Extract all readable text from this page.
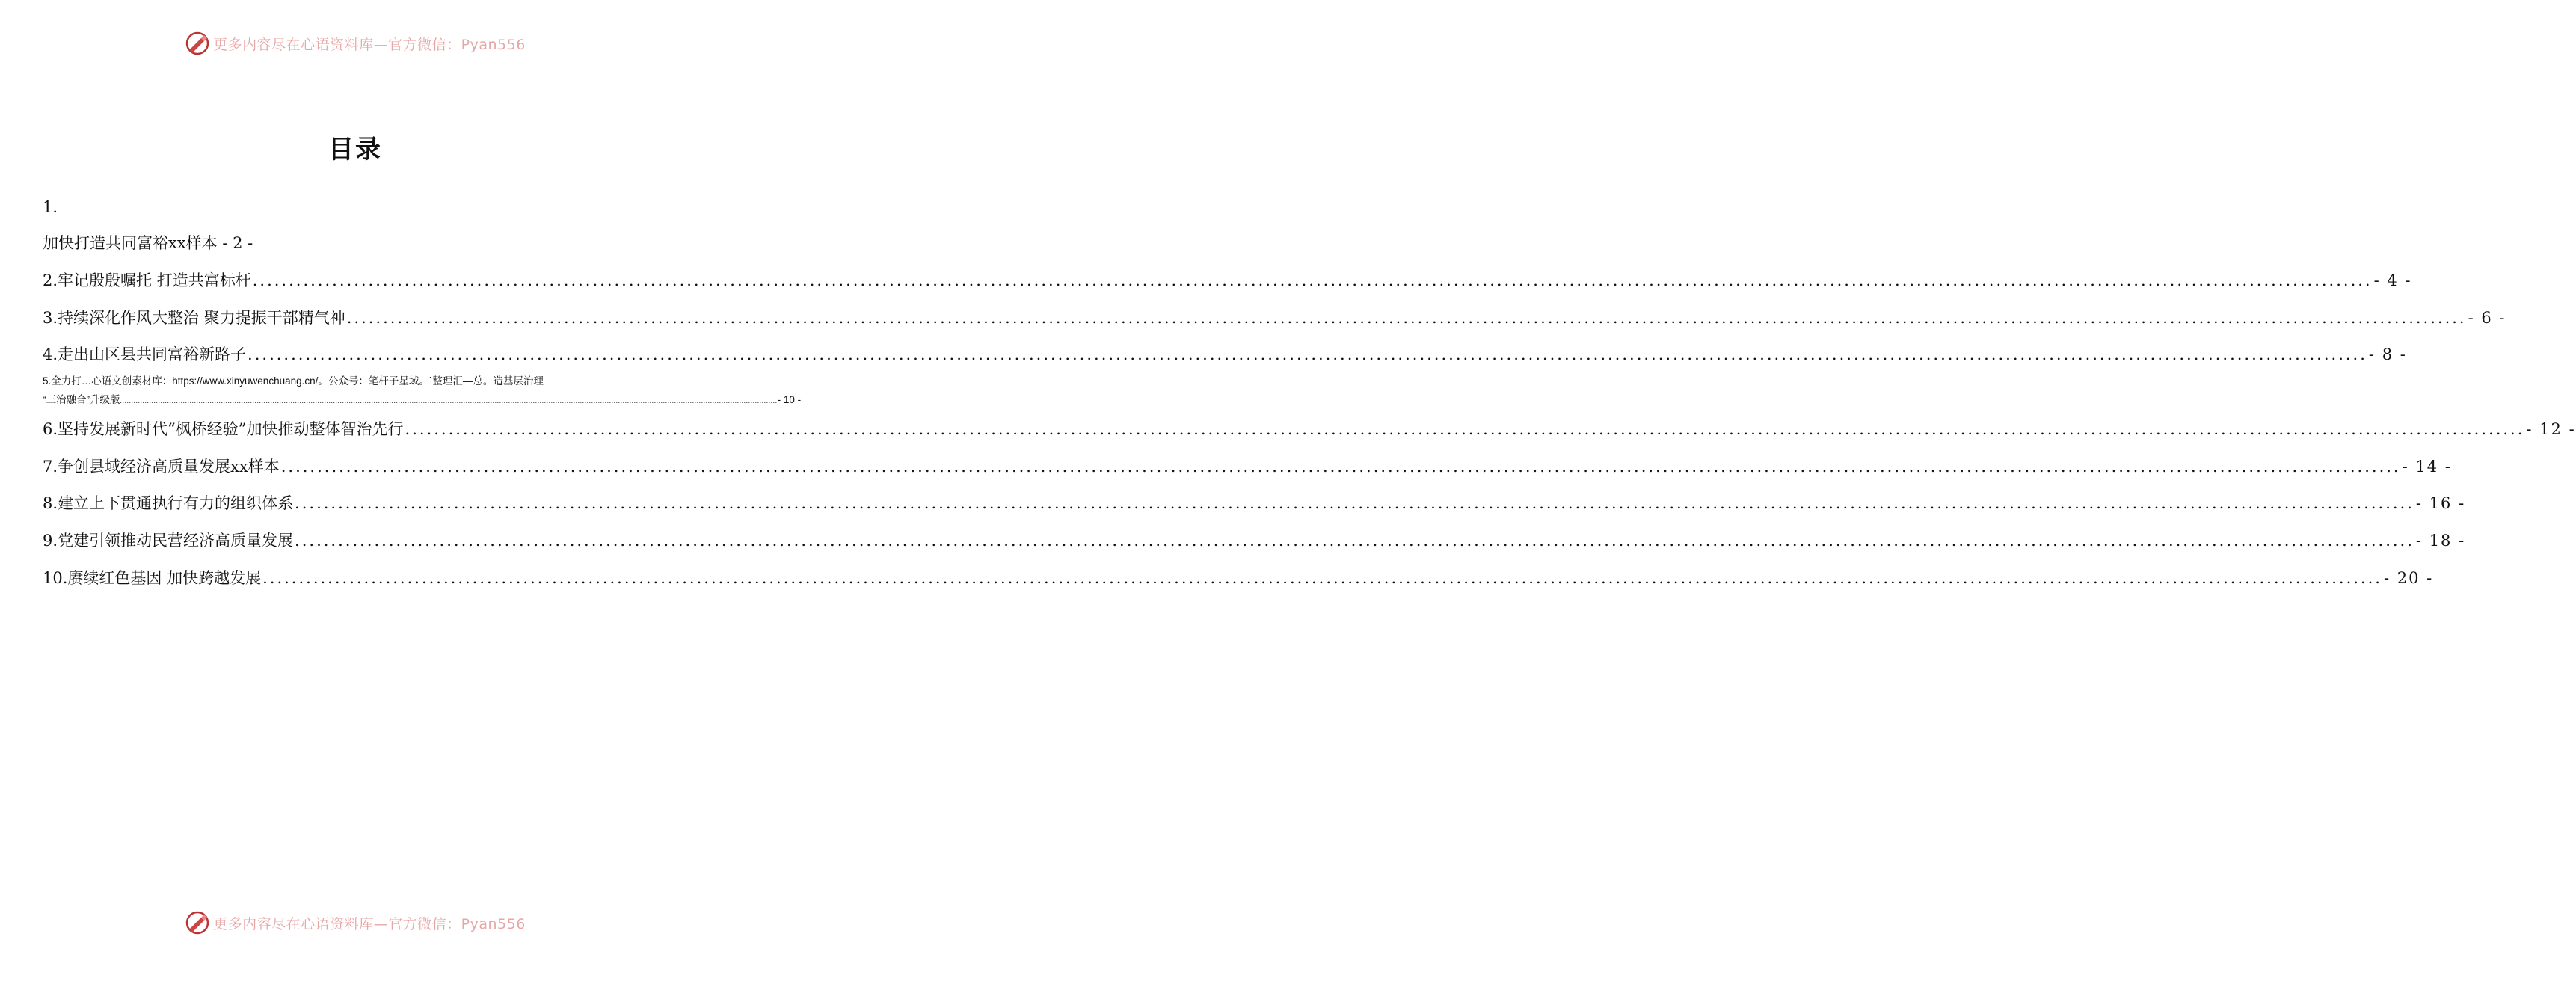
更多内容尽在心语资料库—官方微信：Pyan556
目录
1.
加快打造共同富裕xx样本 - 2 -
2. 牢记殷殷嘱托 打造共富标杆 ..................................................................................................................................................................................................................................................................................................... - 4 -
3. 持续深化作风大整治 聚力提振干部精气神 ..................................................................................................................................................................................................................................................................................................... - 6 -
4. 走出山区县共同富裕新路子 ..................................................................................................................................................................................................................................................................................................... - 8 -
5.全力打…心语文创素材库：https://www.xinyuwenchuang.cn/。公众号：笔杆子星域。`整理汇—总。造基层治理
“三治融合”升级版 ..................................................................................................................................................................................................................................................................................................... - 10 -
6. 坚持发展新时代“枫桥经验”加快推动整体智治先行 ..................................................................................................................................................................................................................................................................................................... - 12 -
7. 争创县域经济高质量发展xx样本 ..................................................................................................................................................................................................................................................................................................... - 14 -
8. 建立上下贯通执行有力的组织体系 ..................................................................................................................................................................................................................................................................................................... - 16 -
9. 党建引领推动民营经济高质量发展 ..................................................................................................................................................................................................................................................................................................... - 18 -
10. 赓续红色基因 加快跨越发展 ..................................................................................................................................................................................................................................................................................................... - 20 -
更多内容尽在心语资料库—官方微信：Pyan556
